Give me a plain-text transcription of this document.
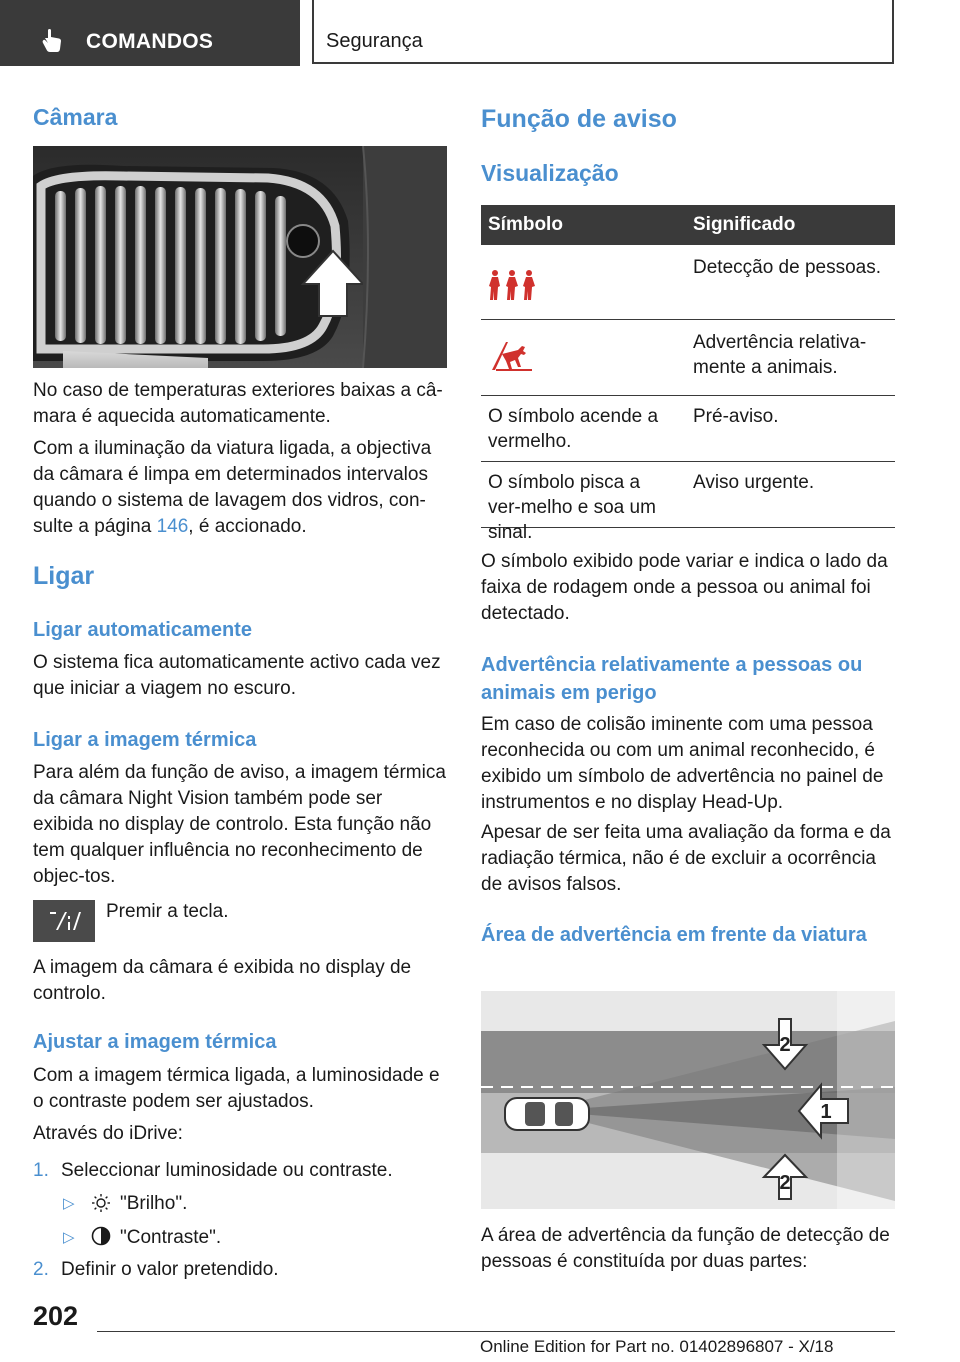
COMANDOS	Segurança
Câmara
No caso de temperaturas exteriores baixas a câ-mara é aquecida automaticamente.
Com a iluminação da viatura ligada, a objectiva da câmara é limpa em determinados intervalos quando o sistema de lavagem dos vidros, con-sulte a página 146, é accionado.
Ligar
Ligar automaticamente
O sistema fica automaticamente activo cada vez que iniciar a viagem no escuro.
Ligar a imagem térmica
Para além da função de aviso, a imagem térmica da câmara Night Vision também pode ser exibida no display de controlo. Esta função não tem qualquer influência no reconhecimento de objec-tos.
Premir a tecla.
A imagem da câmara é exibida no display de controlo.
Ajustar a imagem térmica
Com a imagem térmica ligada, a luminosidade e o contraste podem ser ajustados.
Através do iDrive:
1. Seleccionar luminosidade ou contraste.
▷ "Brilho".
▷ "Contraste".
2. Definir o valor pretendido.
Função de aviso
Visualização
Símbolo	Significado
Detecção de pessoas.
Advertência relativa-mente a animais.
O símbolo acende a vermelho.
Pré-aviso.
O símbolo pisca a ver-melho e soa um sinal.
Aviso urgente.
O símbolo exibido pode variar e indica o lado da faixa de rodagem onde a pessoa ou animal foi detectado.
Advertência relativamente a pessoas ou animais em perigo
Em caso de colisão iminente com uma pessoa reconhecida ou com um animal reconhecido, é exibido um símbolo de advertência no painel de instrumentos e no display Head-Up.
Apesar de ser feita uma avaliação da forma e da radiação térmica, não é de excluir a ocorrência de avisos falsos.
Área de advertência em frente da viatura
2
1
2
A área de advertência da função de detecção de pessoas é constituída por duas partes:
202
Online Edition for Part no. 01402896807 - X/18
